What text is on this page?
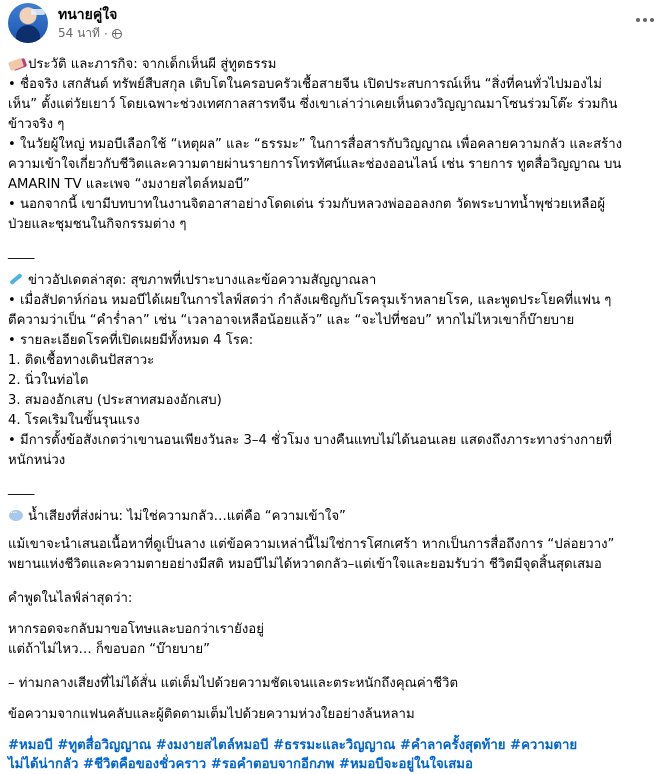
ทนายคู่ใจ
54 นาที ·

ประวัติ และภารกิจ: จากเด็กเห็นผี สู่ทูตธรรม

• ชื่อจริง เสกสันต์ ทรัพย์สืบสกุล เติบโตในครอบครัวเชื้อสายจีน เปิดประสบการณ์เห็น “สิ่งที่คนทั่วไปมองไม่

เห็น” ตั้งแต่วัยเยาว์ โดยเฉพาะช่วงเทศกาลสารทจีน ซึ่งเขาเล่าว่าเคยเห็นดวงวิญญาณมาโซนร่วมโต๊ะ ร่วมกิน

ข้าวจริง ๆ

• ในวัยผู้ใหญ่ หมอบีเลือกใช้ “เหตุผล” และ “ธรรมะ” ในการสื่อสารกับวิญญาณ เพื่อคลายความกลัว และสร้าง

ความเข้าใจเกี่ยวกับชีวิตและความตายผ่านรายการโทรทัศน์และช่องออนไลน์ เช่น รายการ ทูตสื่อวิญญาณ บน

AMARIN TV และเพจ “งมงายสไตล์หมอบี”

• นอกจากนี้ เขามีบทบาทในงานจิตอาสาอย่างโดดเด่น ร่วมกับหลวงพ่อออลงกต วัดพระบาทน้ำพุช่วยเหลือผู้

ป่วยและชุมชนในกิจกรรมต่าง ๆ

____

ข่าวอัปเดตล่าสุด: สุขภาพที่เปราะบางและข้อความสัญญาณลา

• เมื่อสัปดาห์ก่อน หมอบีได้เผยในการไลฟ์สดว่า กำลังเผชิญกับโรครุมเร้าหลายโรค, และพูดประโยคที่แฟน ๆ

ตีความว่าเป็น “คำร่ำลา” เช่น “เวลาอาจเหลือน้อยแล้ว” และ “จะไปที่ชอบ” หากไม่ไหวเขาก็บ๊ายบาย

• รายละเอียดโรคที่เปิดเผยมีทั้งหมด 4 โรค:

1. ติดเชื้อทางเดินปัสสาวะ

2. นิ่วในท่อไต

3. สมองอักเสบ (ประสาทสมองอักเสบ)

4. โรคเริมในขั้นรุนแรง

• มีการตั้งข้อสังเกตว่าเขานอนเพียงวันละ 3–4 ชั่วโมง บางคืนแทบไม่ได้นอนเลย แสดงถึงภาระทางร่างกายที่

หนักหน่วง

____

···น้ำเสียงที่ส่งผ่าน: ไม่ใช่ความกลัว…แต่คือ “ความเข้าใจ”

แม้เขาจะนำเสนอเนื้อหาที่ดูเป็นลาง แต่ข้อความเหล่านี้ไม่ใช่การโศกเศร้า หากเป็นการสื่อถึงการ “ปล่อยวาง”

พยานแห่งชีวิตและความตายอย่างมีสติ หมอบีไม่ได้หวาดกลัว–แต่เข้าใจและยอมรับว่า ชีวิตมีจุดสิ้นสุดเสมอ

คำพูดในไลฟ์ล่าสุดว่า:

หากรอดจะกลับมาขอโทษและบอกว่าเรายังอยู่

แต่ถ้าไม่ไหว… ก็ขอบอก “บ๊ายบาย”

– ท่ามกลางเสียงที่ไม่ได้สั่น แต่เต็มไปด้วยความชัดเจนและตระหนักถึงคุณค่าชีวิต

ข้อความจากแฟนคลับและผู้ติดตามเต็มไปด้วยความห่วงใยอย่างล้นหลาม

#หมอบี #ทูตสื่อวิญญาณ #งมงายสไตล์หมอบี #ธรรมะและวิญญาณ #คำลาครั้งสุดท้าย #ความตาย
ไม่ได้น่ากลัว #ชีวิตคือของชั่วคราว #รอคำตอบจากอีกภพ #หมอบีจะอยู่ในใจเสมอ
